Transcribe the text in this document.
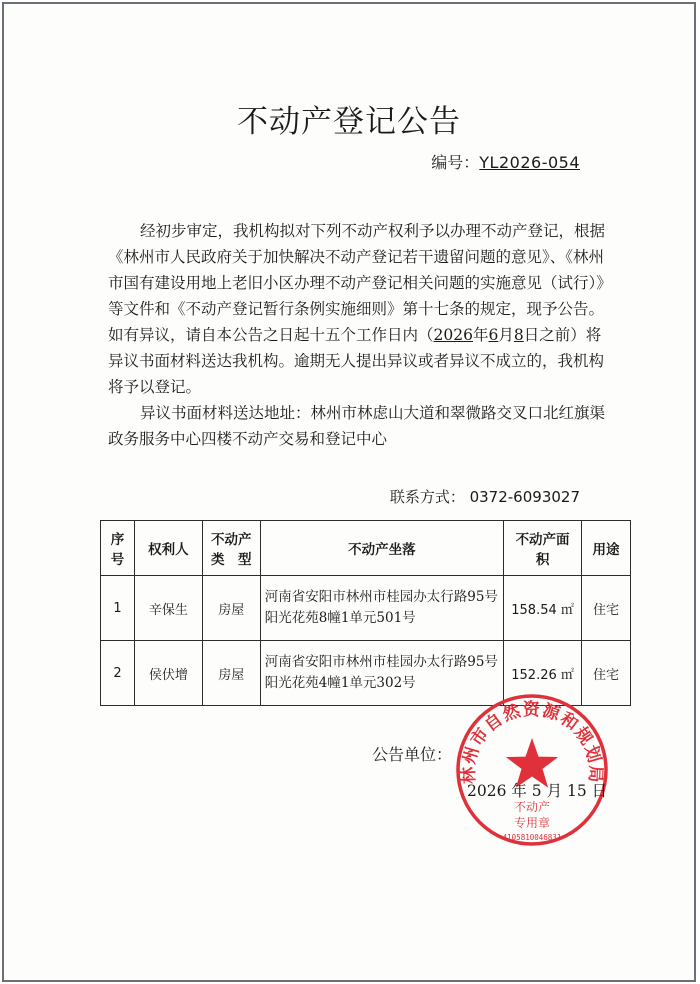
不动产登记公告
编号：YL2026-054

经初步审定，我机构拟对下列不动产权利予以办理不动产登记，根据《林州市人民政府关于加快解决不动产登记若干遗留问题的意见》、《林州市国有建设用地上老旧小区办理不动产登记相关问题的实施意见（试行）》等文件和《不动产登记暂行条例实施细则》第十七条的规定，现予公告。如有异议，请自本公告之日起十五个工作日内（2026年6月8日之前）将异议书面材料送达我机构。逾期无人提出异议或者异议不成立的，我机构将予以登记。

异议书面材料送达地址：林州市林虑山大道和翠微路交叉口北红旗渠政务服务中心四楼不动产交易和登记中心

联系方式： 0372-6093027
序号	权利人	不动产类　型	不动产坐落	不动产面　积	用途
1	辛保生	房屋	河南省安阳市林州市桂园办太行路95号阳光花苑8幢1单元501号	158.54 ㎡	住宅
2	侯伏增	房屋	河南省安阳市林州市桂园办太行路95号阳光花苑4幢1单元302号	152.26 ㎡	住宅
公告单位：
林州市自然资源和规划局
不动产
专用章
4105810046831
2026 年 5 月 15 日
